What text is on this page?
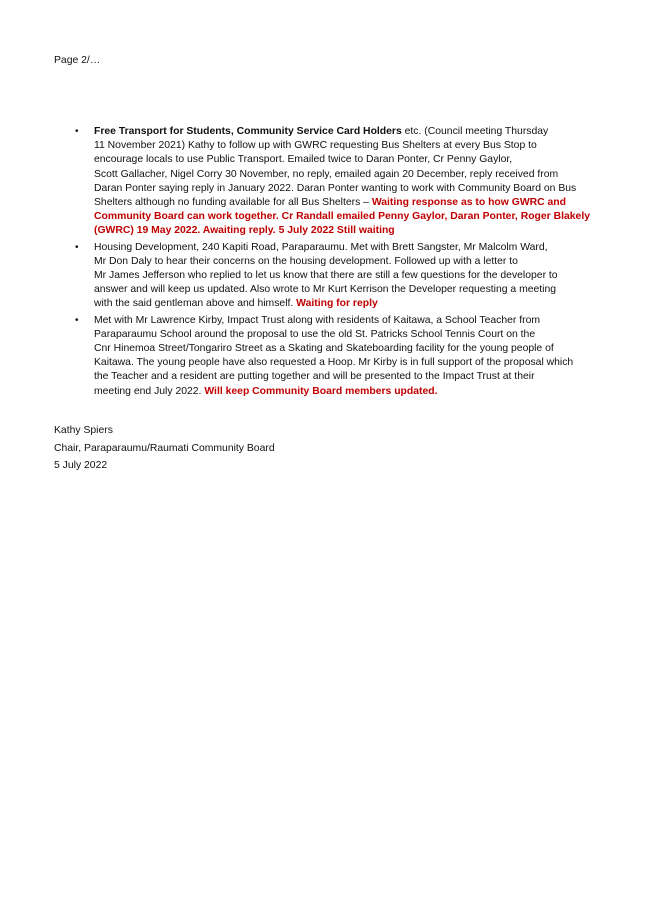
Page 2/…

• Free Transport for Students, Community Service Card Holders etc. (Council meeting Thursday
11 November 2021) Kathy to follow up with GWRC requesting Bus Shelters at every Bus Stop to
encourage locals to use Public Transport. Emailed twice to Daran Ponter, Cr Penny Gaylor,
Scott Gallacher, Nigel Corry 30 November, no reply, emailed again 20 December, reply received from
Daran Ponter saying reply in January 2022. Daran Ponter wanting to work with Community Board on Bus
Shelters although no funding available for all Bus Shelters – Waiting response as to how GWRC and
Community Board can work together. Cr Randall emailed Penny Gaylor, Daran Ponter, Roger Blakely
(GWRC) 19 May 2022. Awaiting reply. 5 July 2022 Still waiting
• Housing Development, 240 Kapiti Road, Paraparaumu. Met with Brett Sangster, Mr Malcolm Ward,
Mr Don Daly to hear their concerns on the housing development. Followed up with a letter to
Mr James Jefferson who replied to let us know that there are still a few questions for the developer to
answer and will keep us updated. Also wrote to Mr Kurt Kerrison the Developer requesting a meeting
with the said gentleman above and himself. Waiting for reply
• Met with Mr Lawrence Kirby, Impact Trust along with residents of Kaitawa, a School Teacher from
Paraparaumu School around the proposal to use the old St. Patricks School Tennis Court on the
Cnr Hinemoa Street/Tongariro Street as a Skating and Skateboarding facility for the young people of
Kaitawa. The young people have also requested a Hoop. Mr Kirby is in full support of the proposal which
the Teacher and a resident are putting together and will be presented to the Impact Trust at their
meeting end July 2022. Will keep Community Board members updated.
Kathy Spiers
Chair, Paraparaumu/Raumati Community Board
5 July 2022
